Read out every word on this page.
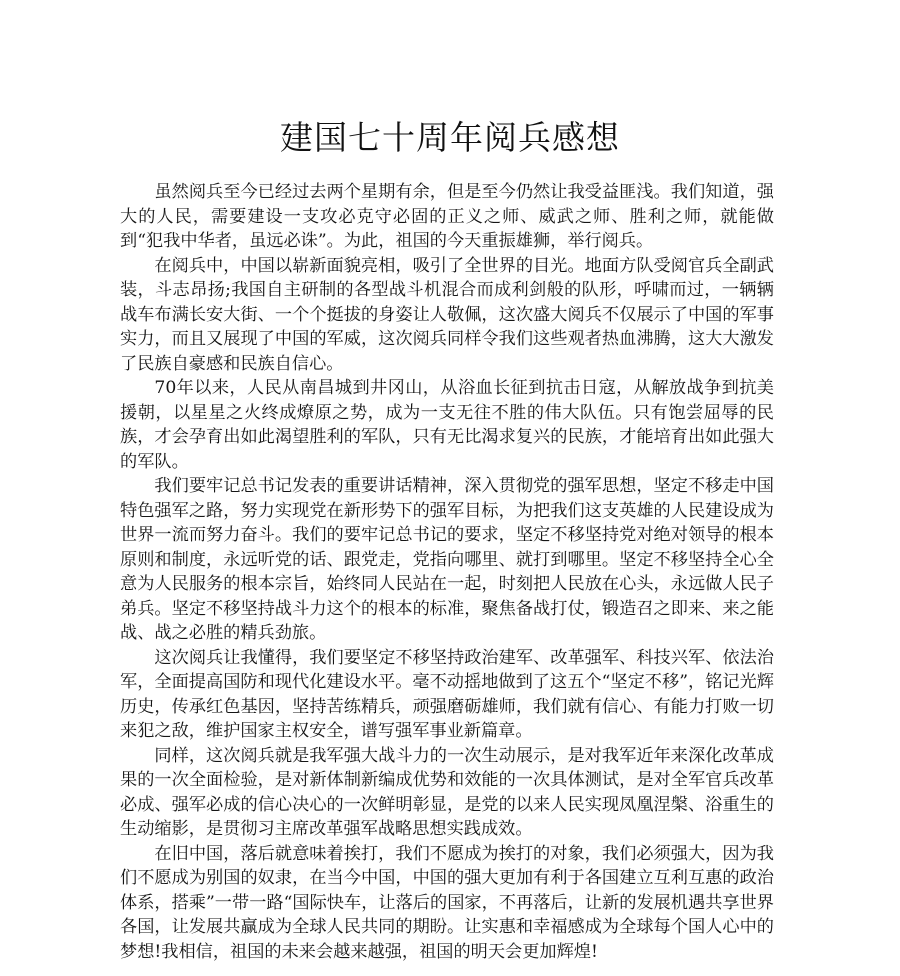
建国七十周年阅兵感想

虽然阅兵至今已经过去两个星期有余，但是至今仍然让我受益匪浅。我们知道，强大的人民，需要建设一支攻必克守必固的正义之师、威武之师、胜利之师，就能做到“犯我中华者，虽远必诛”。为此，祖国的今天重振雄狮，举行阅兵。

在阅兵中，中国以崭新面貌亮相，吸引了全世界的目光。地面方队受阅官兵全副武装，斗志昂扬;我国自主研制的各型战斗机混合而成利剑般的队形，呼啸而过，一辆辆战车布满长安大街、一个个挺拔的身姿让人敬佩，这次盛大阅兵不仅展示了中国的军事实力，而且又展现了中国的军威，这次阅兵同样令我们这些观者热血沸腾，这大大激发了民族自豪感和民族自信心。

70年以来，人民从南昌城到井冈山，从浴血长征到抗击日寇，从解放战争到抗美援朝，以星星之火终成燎原之势，成为一支无往不胜的伟大队伍。只有饱尝屈辱的民族，才会孕育出如此渴望胜利的军队，只有无比渴求复兴的民族，才能培育出如此强大的军队。

我们要牢记总书记发表的重要讲话精神，深入贯彻党的强军思想，坚定不移走中国特色强军之路，努力实现党在新形势下的强军目标，为把我们这支英雄的人民建设成为世界一流而努力奋斗。我们的要牢记总书记的要求，坚定不移坚持党对绝对领导的根本原则和制度，永远听党的话、跟党走，党指向哪里、就打到哪里。坚定不移坚持全心全意为人民服务的根本宗旨，始终同人民站在一起，时刻把人民放在心头，永远做人民子弟兵。坚定不移坚持战斗力这个的根本的标准，聚焦备战打仗，锻造召之即来、来之能战、战之必胜的精兵劲旅。

这次阅兵让我懂得，我们要坚定不移坚持政治建军、改革强军、科技兴军、依法治军，全面提高国防和现代化建设水平。毫不动摇地做到了这五个“坚定不移”，铭记光辉历史，传承红色基因，坚持苦练精兵，顽强磨砺雄师，我们就有信心、有能力打败一切来犯之敌，维护国家主权安全，谱写强军事业新篇章。

同样，这次阅兵就是我军强大战斗力的一次生动展示，是对我军近年来深化改革成果的一次全面检验，是对新体制新编成优势和效能的一次具体测试，是对全军官兵改革必成、强军必成的信心决心的一次鲜明彰显，是党的以来人民实现凤凰涅槃、浴重生的生动缩影，是贯彻习主席改革强军战略思想实践成效。

在旧中国，落后就意味着挨打，我们不愿成为挨打的对象，我们必须强大，因为我们不愿成为别国的奴隶，在当今中国，中国的强大更加有利于各国建立互利互惠的政治体系，搭乘”一带一路“国际快车，让落后的国家，不再落后，让新的发展机遇共享世界各国，让发展共赢成为全球人民共同的期盼。让实惠和幸福感成为全球每个国人心中的梦想!我相信，祖国的未来会越来越强，祖国的明天会更加辉煌!
